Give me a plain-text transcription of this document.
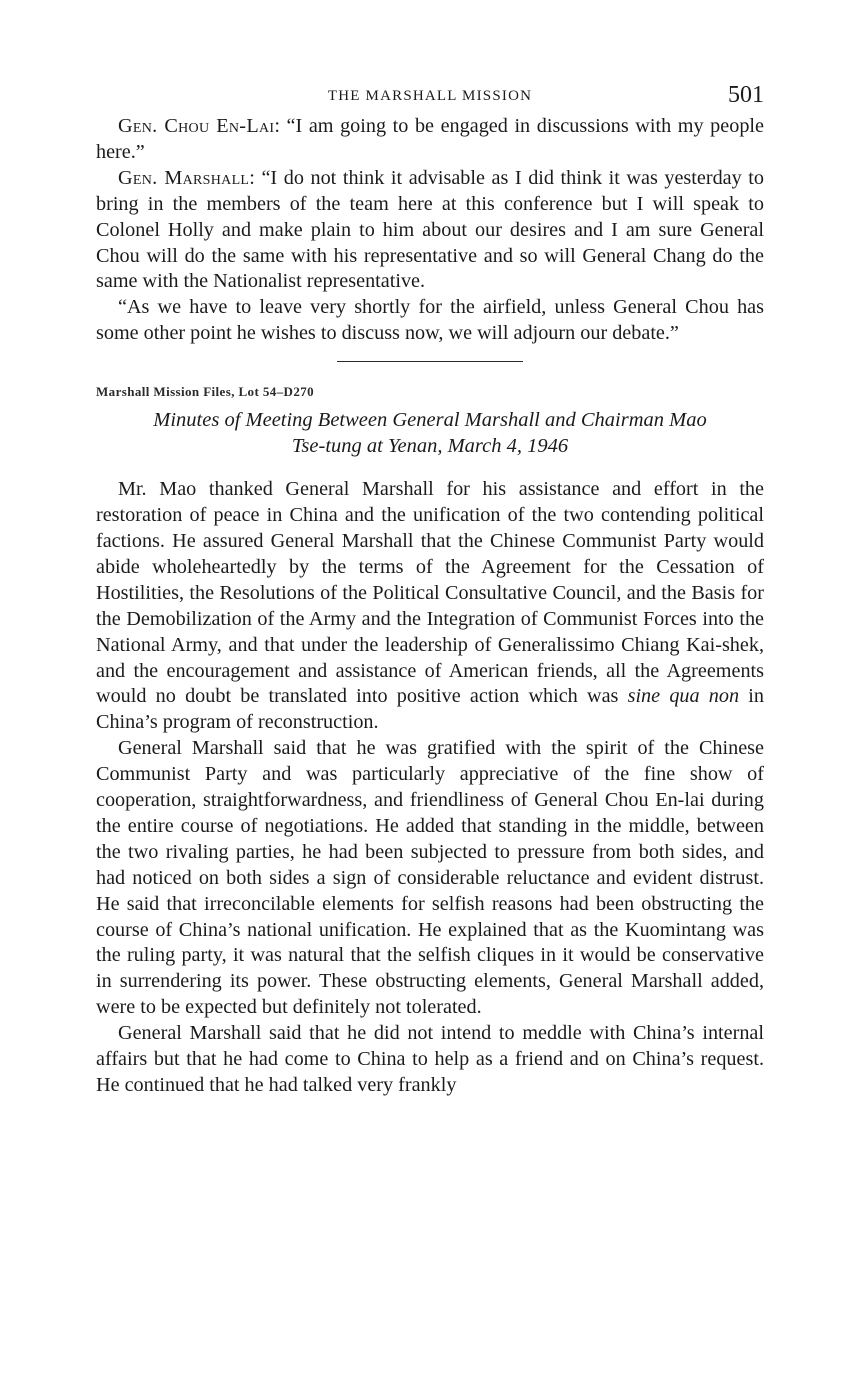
THE MARSHALL MISSION	501

Gen. Chou En-Lai: “I am going to be engaged in discussions with my people here.”

Gen. Marshall: “I do not think it advisable as I did think it was yesterday to bring in the members of the team here at this conference but I will speak to Colonel Holly and make plain to him about our desires and I am sure General Chou will do the same with his representative and so will General Chang do the same with the Nationalist representative.

“As we have to leave very shortly for the airfield, unless General Chou has some other point he wishes to discuss now, we will adjourn our debate.”

Marshall Mission Files, Lot 54–D270
Minutes of Meeting Between General Marshall and Chairman Mao
Tse-tung at Yenan, March 4, 1946

Mr. Mao thanked General Marshall for his assistance and effort in the restoration of peace in China and the unification of the two contending political factions. He assured General Marshall that the Chinese Communist Party would abide wholeheartedly by the terms of the Agreement for the Cessation of Hostilities, the Resolutions of the Political Consultative Council, and the Basis for the Demobilization of the Army and the Integration of Communist Forces into the National Army, and that under the leadership of Generalissimo Chiang Kai-shek, and the encouragement and assistance of American friends, all the Agreements would no doubt be translated into positive action which was sine qua non in China’s program of reconstruction.

General Marshall said that he was gratified with the spirit of the Chinese Communist Party and was particularly appreciative of the fine show of cooperation, straightforwardness, and friendliness of General Chou En-lai during the entire course of negotiations. He added that standing in the middle, between the two rivaling parties, he had been subjected to pressure from both sides, and had noticed on both sides a sign of considerable reluctance and evident distrust. He said that irreconcilable elements for selfish reasons had been obstructing the course of China’s national unification. He explained that as the Kuomintang was the ruling party, it was natural that the selfish cliques in it would be conservative in surrendering its power. These obstructing elements, General Marshall added, were to be expected but definitely not tolerated.

General Marshall said that he did not intend to meddle with China’s internal affairs but that he had come to China to help as a friend and on China’s request. He continued that he had talked very frankly
